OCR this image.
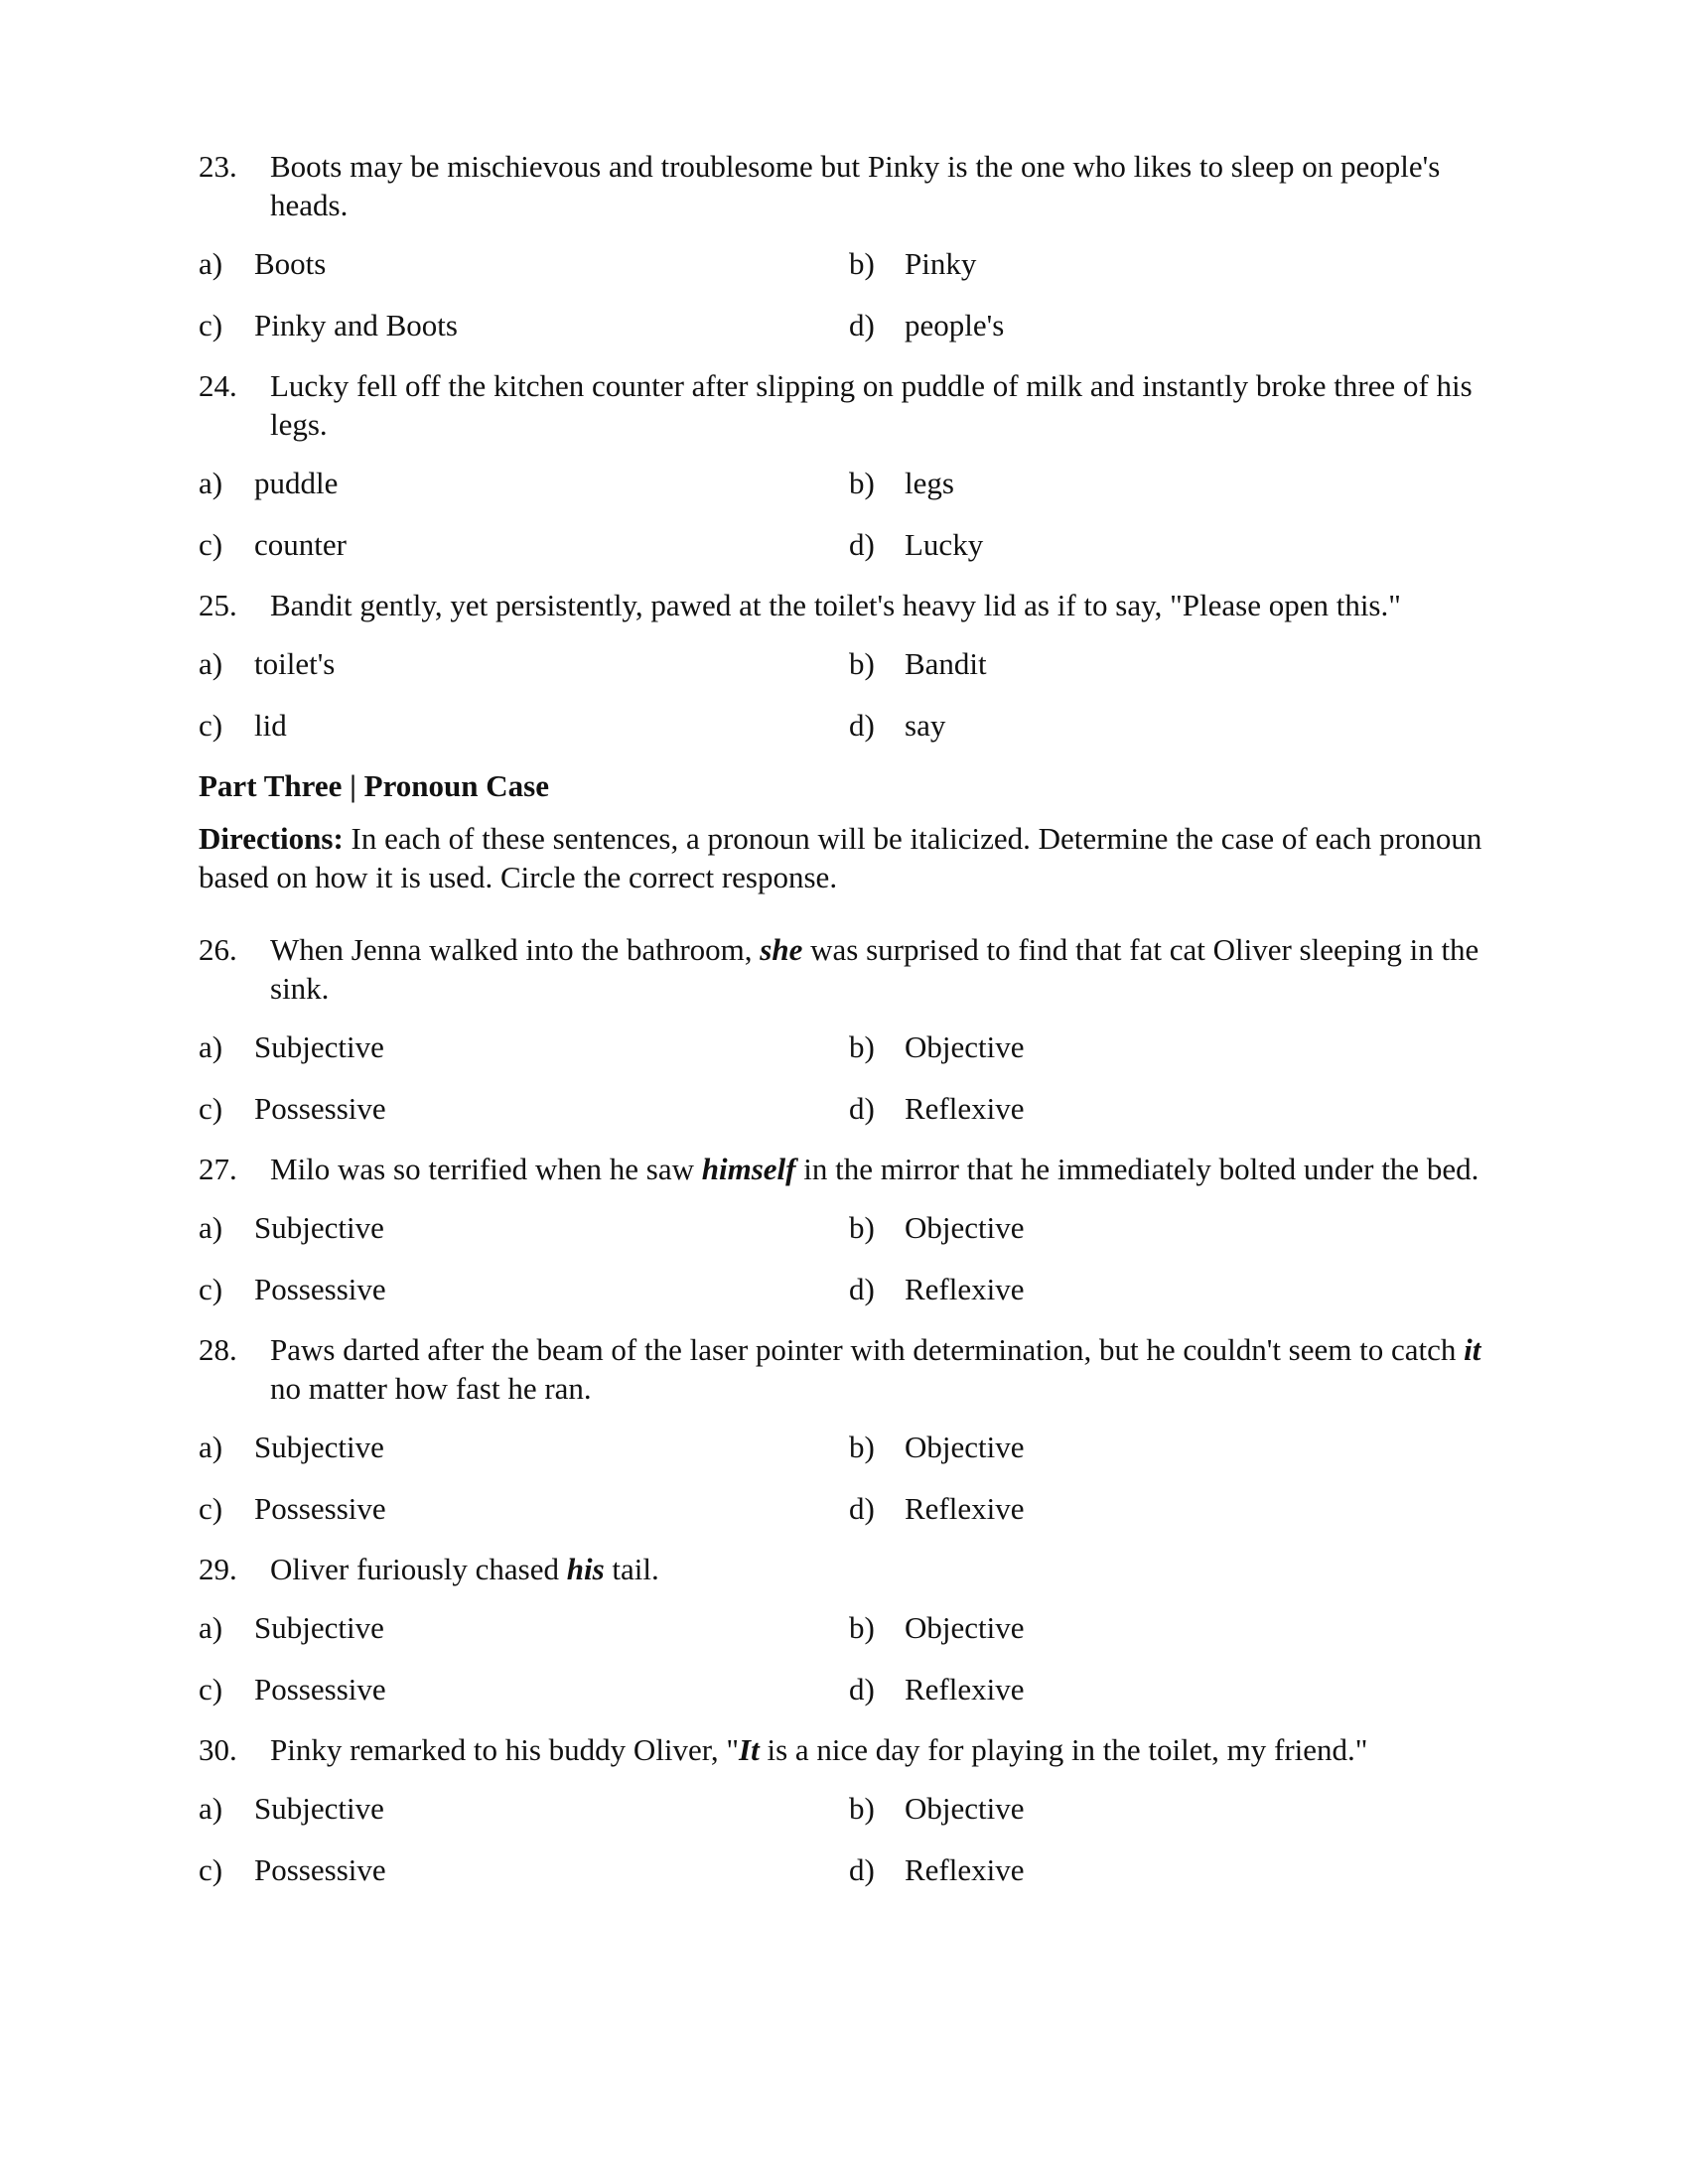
23. Boots may be mischievous and troublesome but Pinky is the one who likes to sleep on people's heads.
a)	Boots	b) Pinky
c)	Pinky and Boots	d) people's
24. Lucky fell off the kitchen counter after slipping on puddle of milk and instantly broke three of his legs.
a)	puddle	b) legs
c)	counter	d) Lucky
25. Bandit gently, yet persistently, pawed at the toilet's heavy lid as if to say, "Please open this."
a)	toilet's	b) Bandit
c)	lid	d) say
Part Three | Pronoun Case
Directions: In each of these sentences, a pronoun will be italicized. Determine the case of each pronoun based on how it is used. Circle the correct response.
26. When Jenna walked into the bathroom, she was surprised to find that fat cat Oliver sleeping in the sink.
a)	Subjective	b) Objective
c)	Possessive	d) Reflexive
27. Milo was so terrified when he saw himself in the mirror that he immediately bolted under the bed.
a)	Subjective	b) Objective
c)	Possessive	d) Reflexive
28. Paws darted after the beam of the laser pointer with determination, but he couldn't seem to catch it no matter how fast he ran.
a)	Subjective	b) Objective
c)	Possessive	d) Reflexive
29. Oliver furiously chased his tail.
a)	Subjective	b) Objective
c)	Possessive	d) Reflexive
30. Pinky remarked to his buddy Oliver, "It is a nice day for playing in the toilet, my friend."
a)	Subjective	b) Objective
c)	Possessive	d) Reflexive
